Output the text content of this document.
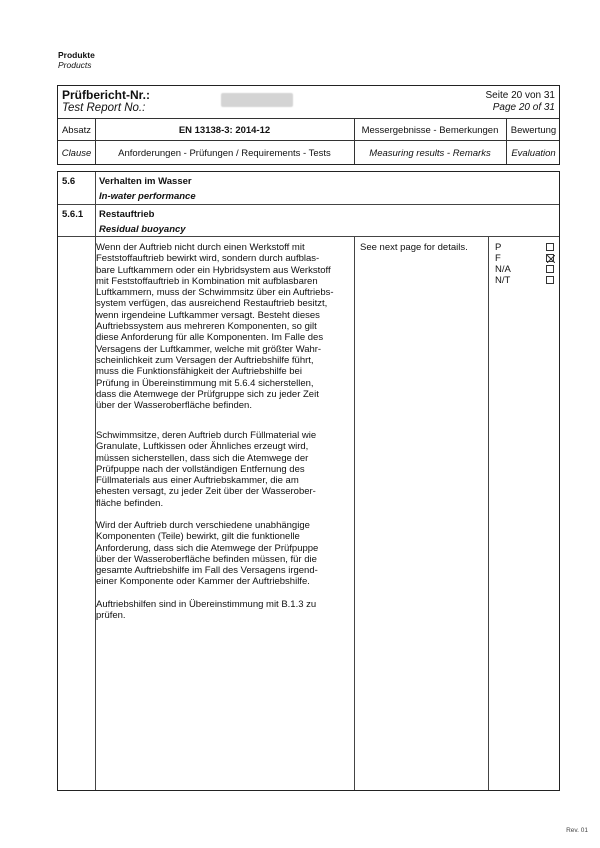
Produkte
Products
Prüfbericht-Nr.:
Test Report No.:
Seite 20 von 31
Page 20 of 31
Absatz	EN 13138-3: 2014-12	Messergebnisse - Bemerkungen	Bewertung
Clause	Anforderungen - Prüfungen / Requirements - Tests	Measuring results - Remarks	Evaluation
5.6	Verhalten im Wasser
In-water performance
5.6.1 Restauftrieb
Residual buoyancy
Wenn der Auftrieb nicht durch einen Werkstoff mit
Feststoffauftrieb bewirkt wird, sondern durch aufblas-
bare Luftkammern oder ein Hybridsystem aus Werkstoff
mit Feststoffauftrieb in Kombination mit aufblasbaren
Luftkammern, muss der Schwimmsitz über ein Auftriebs-
system verfügen, das ausreichend Restauftrieb besitzt,
wenn irgendeine Luftkammer versagt. Besteht dieses
Auftriebssystem aus mehreren Komponenten, so gilt
diese Anforderung für alle Komponenten. Im Falle des
Versagens der Luftkammer, welche mit größter Wahr-
scheinlichkeit zum Versagen der Auftriebshilfe führt,
muss die Funktionsfähigkeit der Auftriebshilfe bei
Prüfung in Übereinstimmung mit 5.6.4 sicherstellen,
dass die Atemwege der Prüfgruppe sich zu jeder Zeit
über der Wasseroberfläche befinden.
Schwimmsitze, deren Auftrieb durch Füllmaterial wie
Granulate, Luftkissen oder Ähnliches erzeugt wird,
müssen sicherstellen, dass sich die Atemwege der
Prüfpuppe nach der vollständigen Entfernung des
Füllmaterials aus einer Auftriebskammer, die am
ehesten versagt, zu jeder Zeit über der Wasserober-
fläche befinden.
Wird der Auftrieb durch verschiedene unabhängige
Komponenten (Teile) bewirkt, gilt die funktionelle
Anforderung, dass sich die Atemwege der Prüfpuppe
über der Wasseroberfläche befinden müssen, für die
gesamte Auftriebshilfe im Fall des Versagens irgend-
einer Komponente oder Kammer der Auftriebshilfe.
Auftriebshilfen sind in Übereinstimmung mit B.1.3 zu
prüfen.
See next page for details.	P
F
N/A
N/T
Rev. 01
